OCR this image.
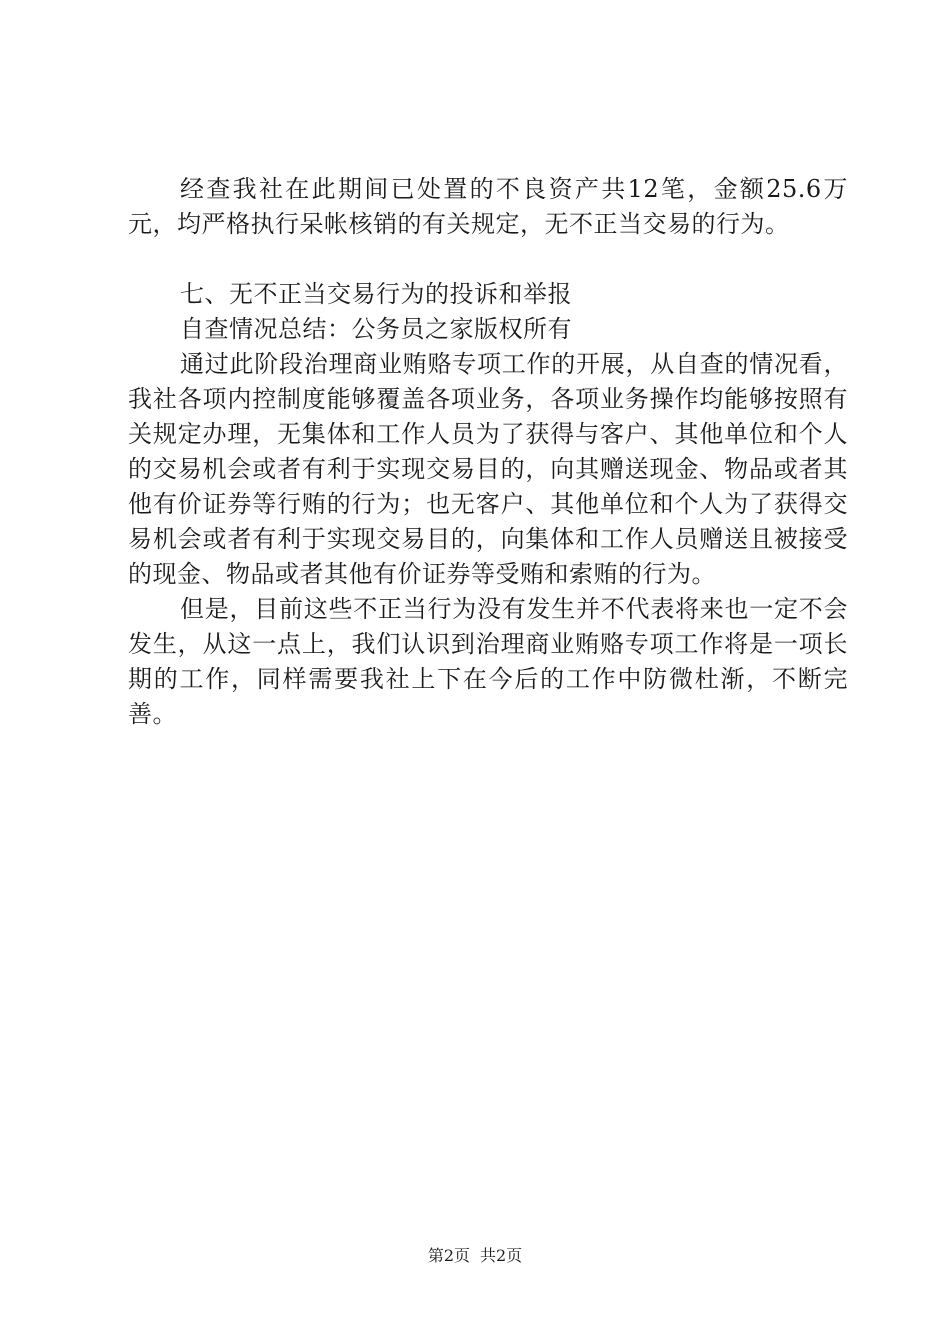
经查我社在此期间已处置的不良资产共12笔，金额25.6万元，均严格执行呆帐核销的有关规定，无不正当交易的行为。

七、无不正当交易行为的投诉和举报

自查情况总结：公务员之家版权所有

通过此阶段治理商业贿赂专项工作的开展，从自查的情况看，我社各项内控制度能够覆盖各项业务，各项业务操作均能够按照有关规定办理，无集体和工作人员为了获得与客户、其他单位和个人的交易机会或者有利于实现交易目的，向其赠送现金、物品或者其他有价证券等行贿的行为；也无客户、其他单位和个人为了获得交易机会或者有利于实现交易目的，向集体和工作人员赠送且被接受的现金、物品或者其他有价证券等受贿和索贿的行为。

但是，目前这些不正当行为没有发生并不代表将来也一定不会发生，从这一点上，我们认识到治理商业贿赂专项工作将是一项长期的工作，同样需要我社上下在今后的工作中防微杜渐，不断完善。

第2页 共2页
